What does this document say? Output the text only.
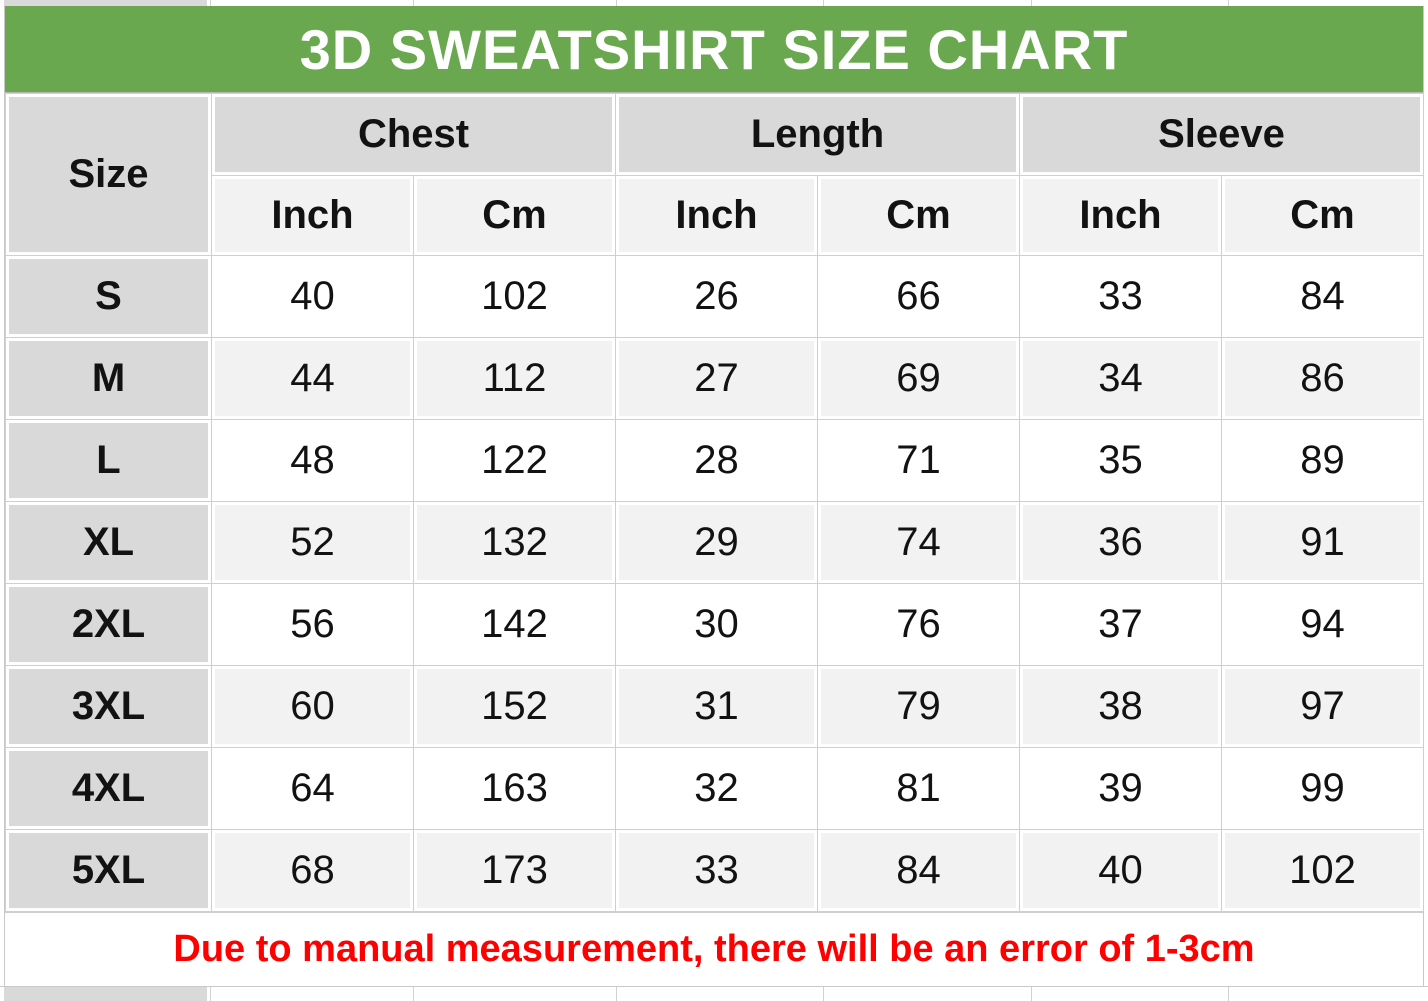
3D SWEATSHIRT SIZE CHART
Size	Chest		Length		Sleeve	
	Inch	Cm	Inch	Cm	Inch	Cm
S	40	102	26	66	33	84
M	44	112	27	69	34	86
L	48	122	28	71	35	89
XL	52	132	29	74	36	91
2XL	56	142	30	76	37	94
3XL	60	152	31	79	38	97
4XL	64	163	32	81	39	99
5XL	68	173	33	84	40	102

Due to manual measurement, there will be an error of 1-3cm
